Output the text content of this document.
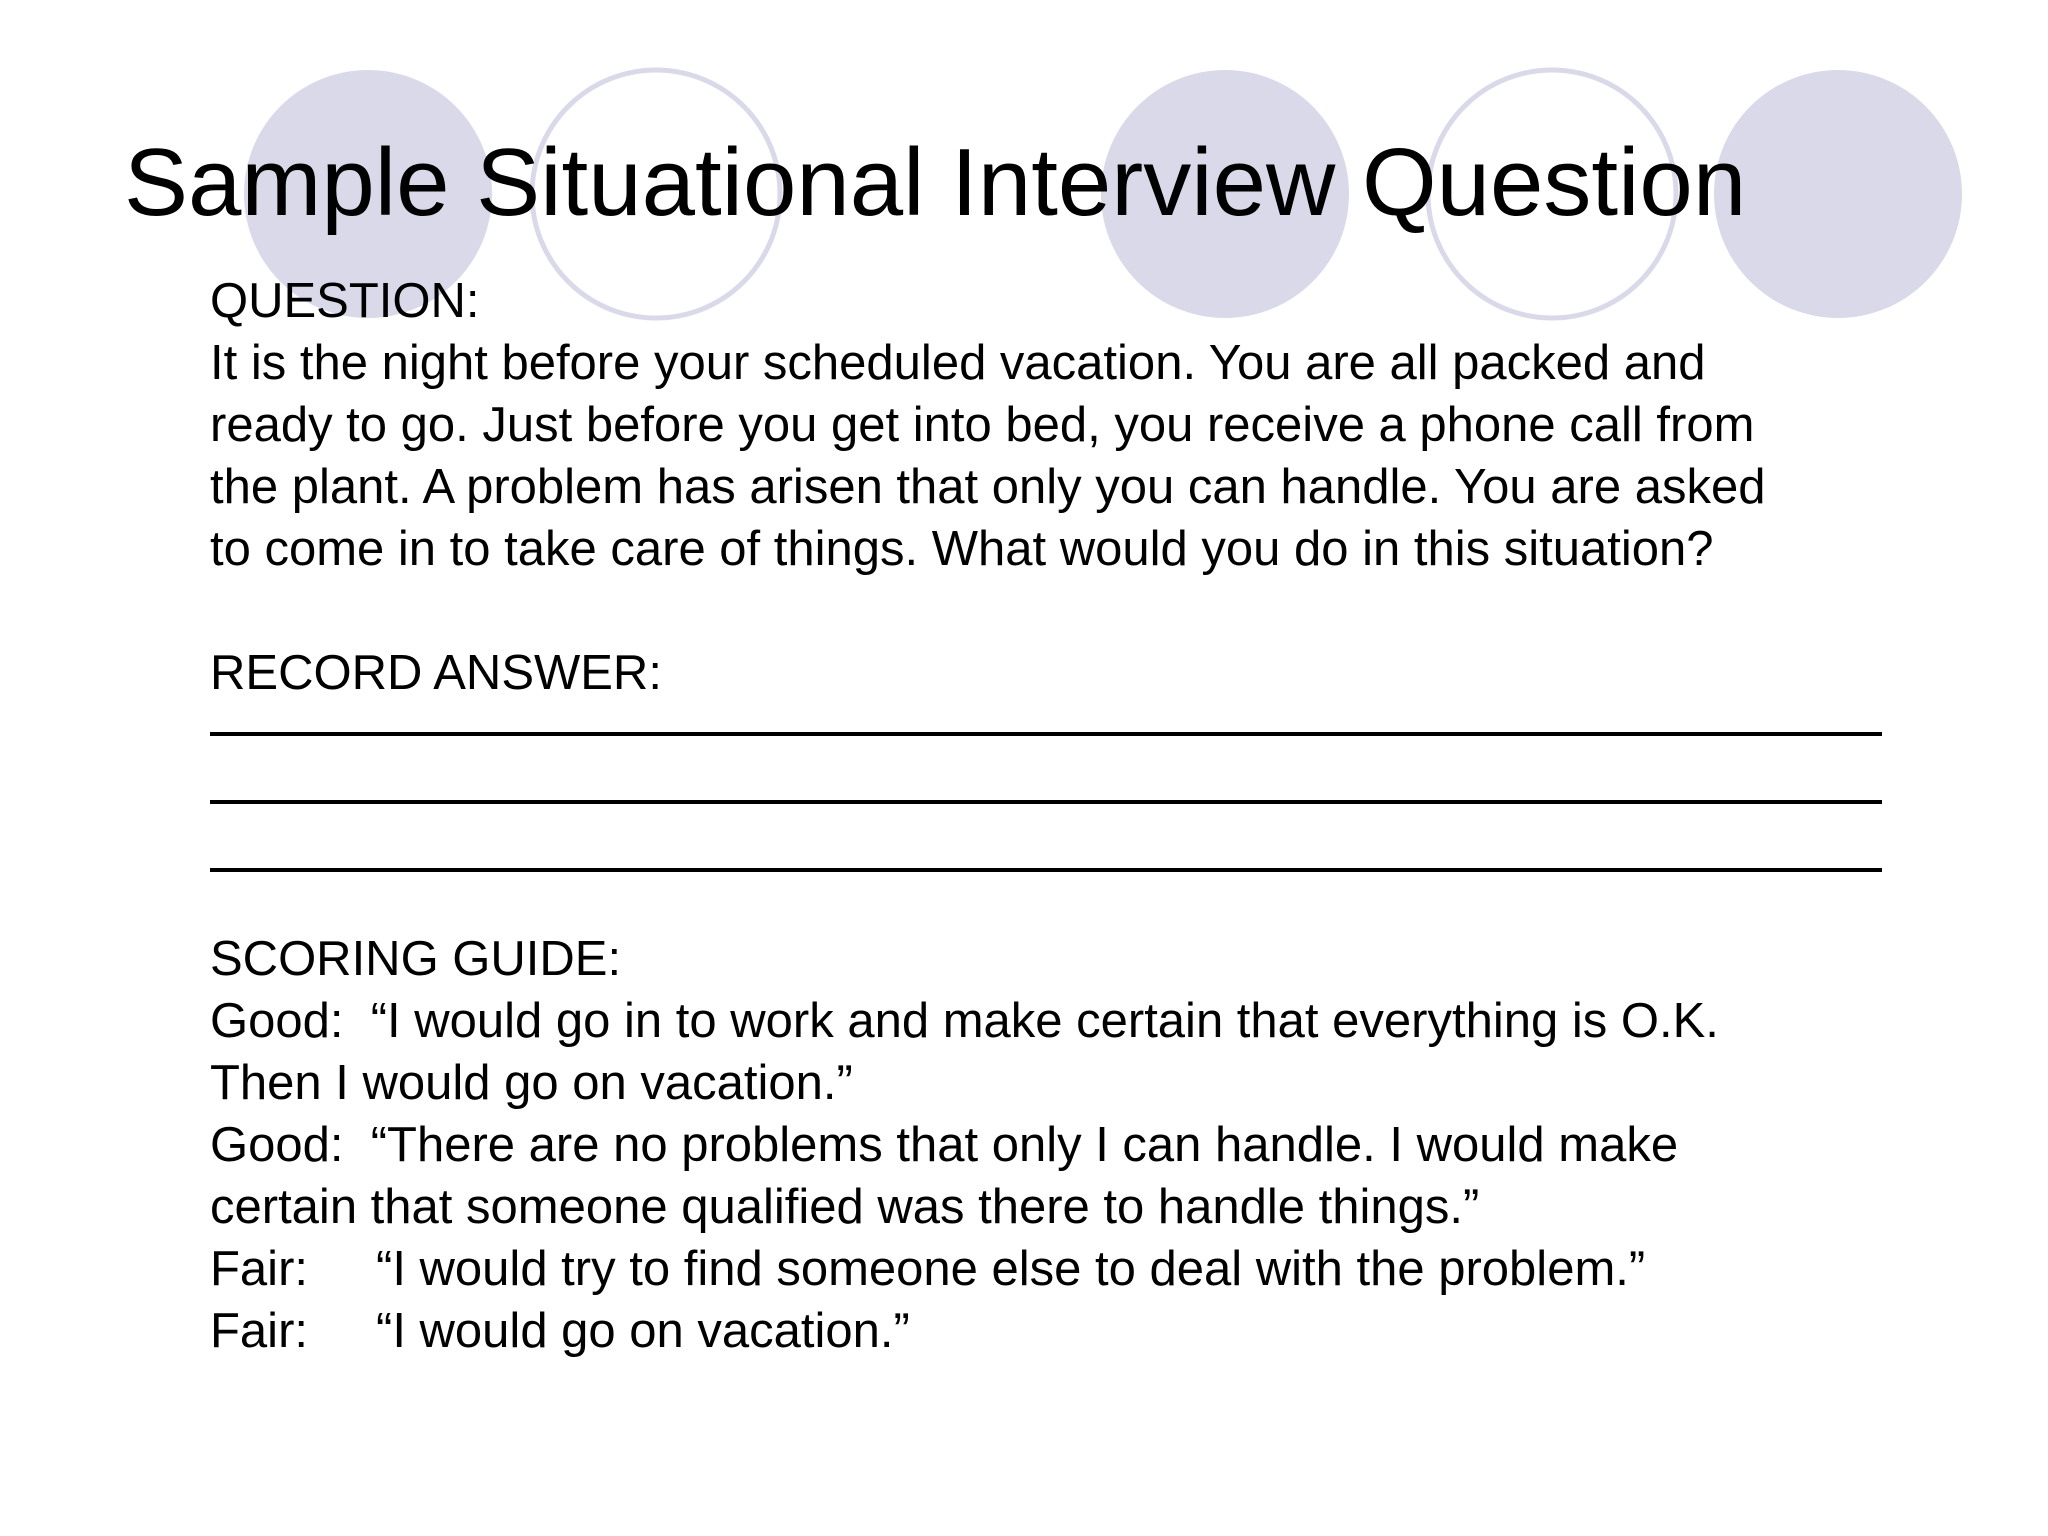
Sample Situational Interview Question

QUESTION:

It is the night before your scheduled vacation. You are all packed and

ready to go. Just before you get into bed, you receive a phone call from

the plant. A problem has arisen that only you can handle. You are asked

to come in to take care of things. What would you do in this situation?

RECORD ANSWER:

SCORING GUIDE:

Good: “I would go in to work and make certain that everything is O.K.

Then I would go on vacation.”

Good: “There are no problems that only I can handle. I would make

certain that someone qualified was there to handle things.”

Fair: “I would try to find someone else to deal with the problem.”

Fair: “I would go on vacation.”
